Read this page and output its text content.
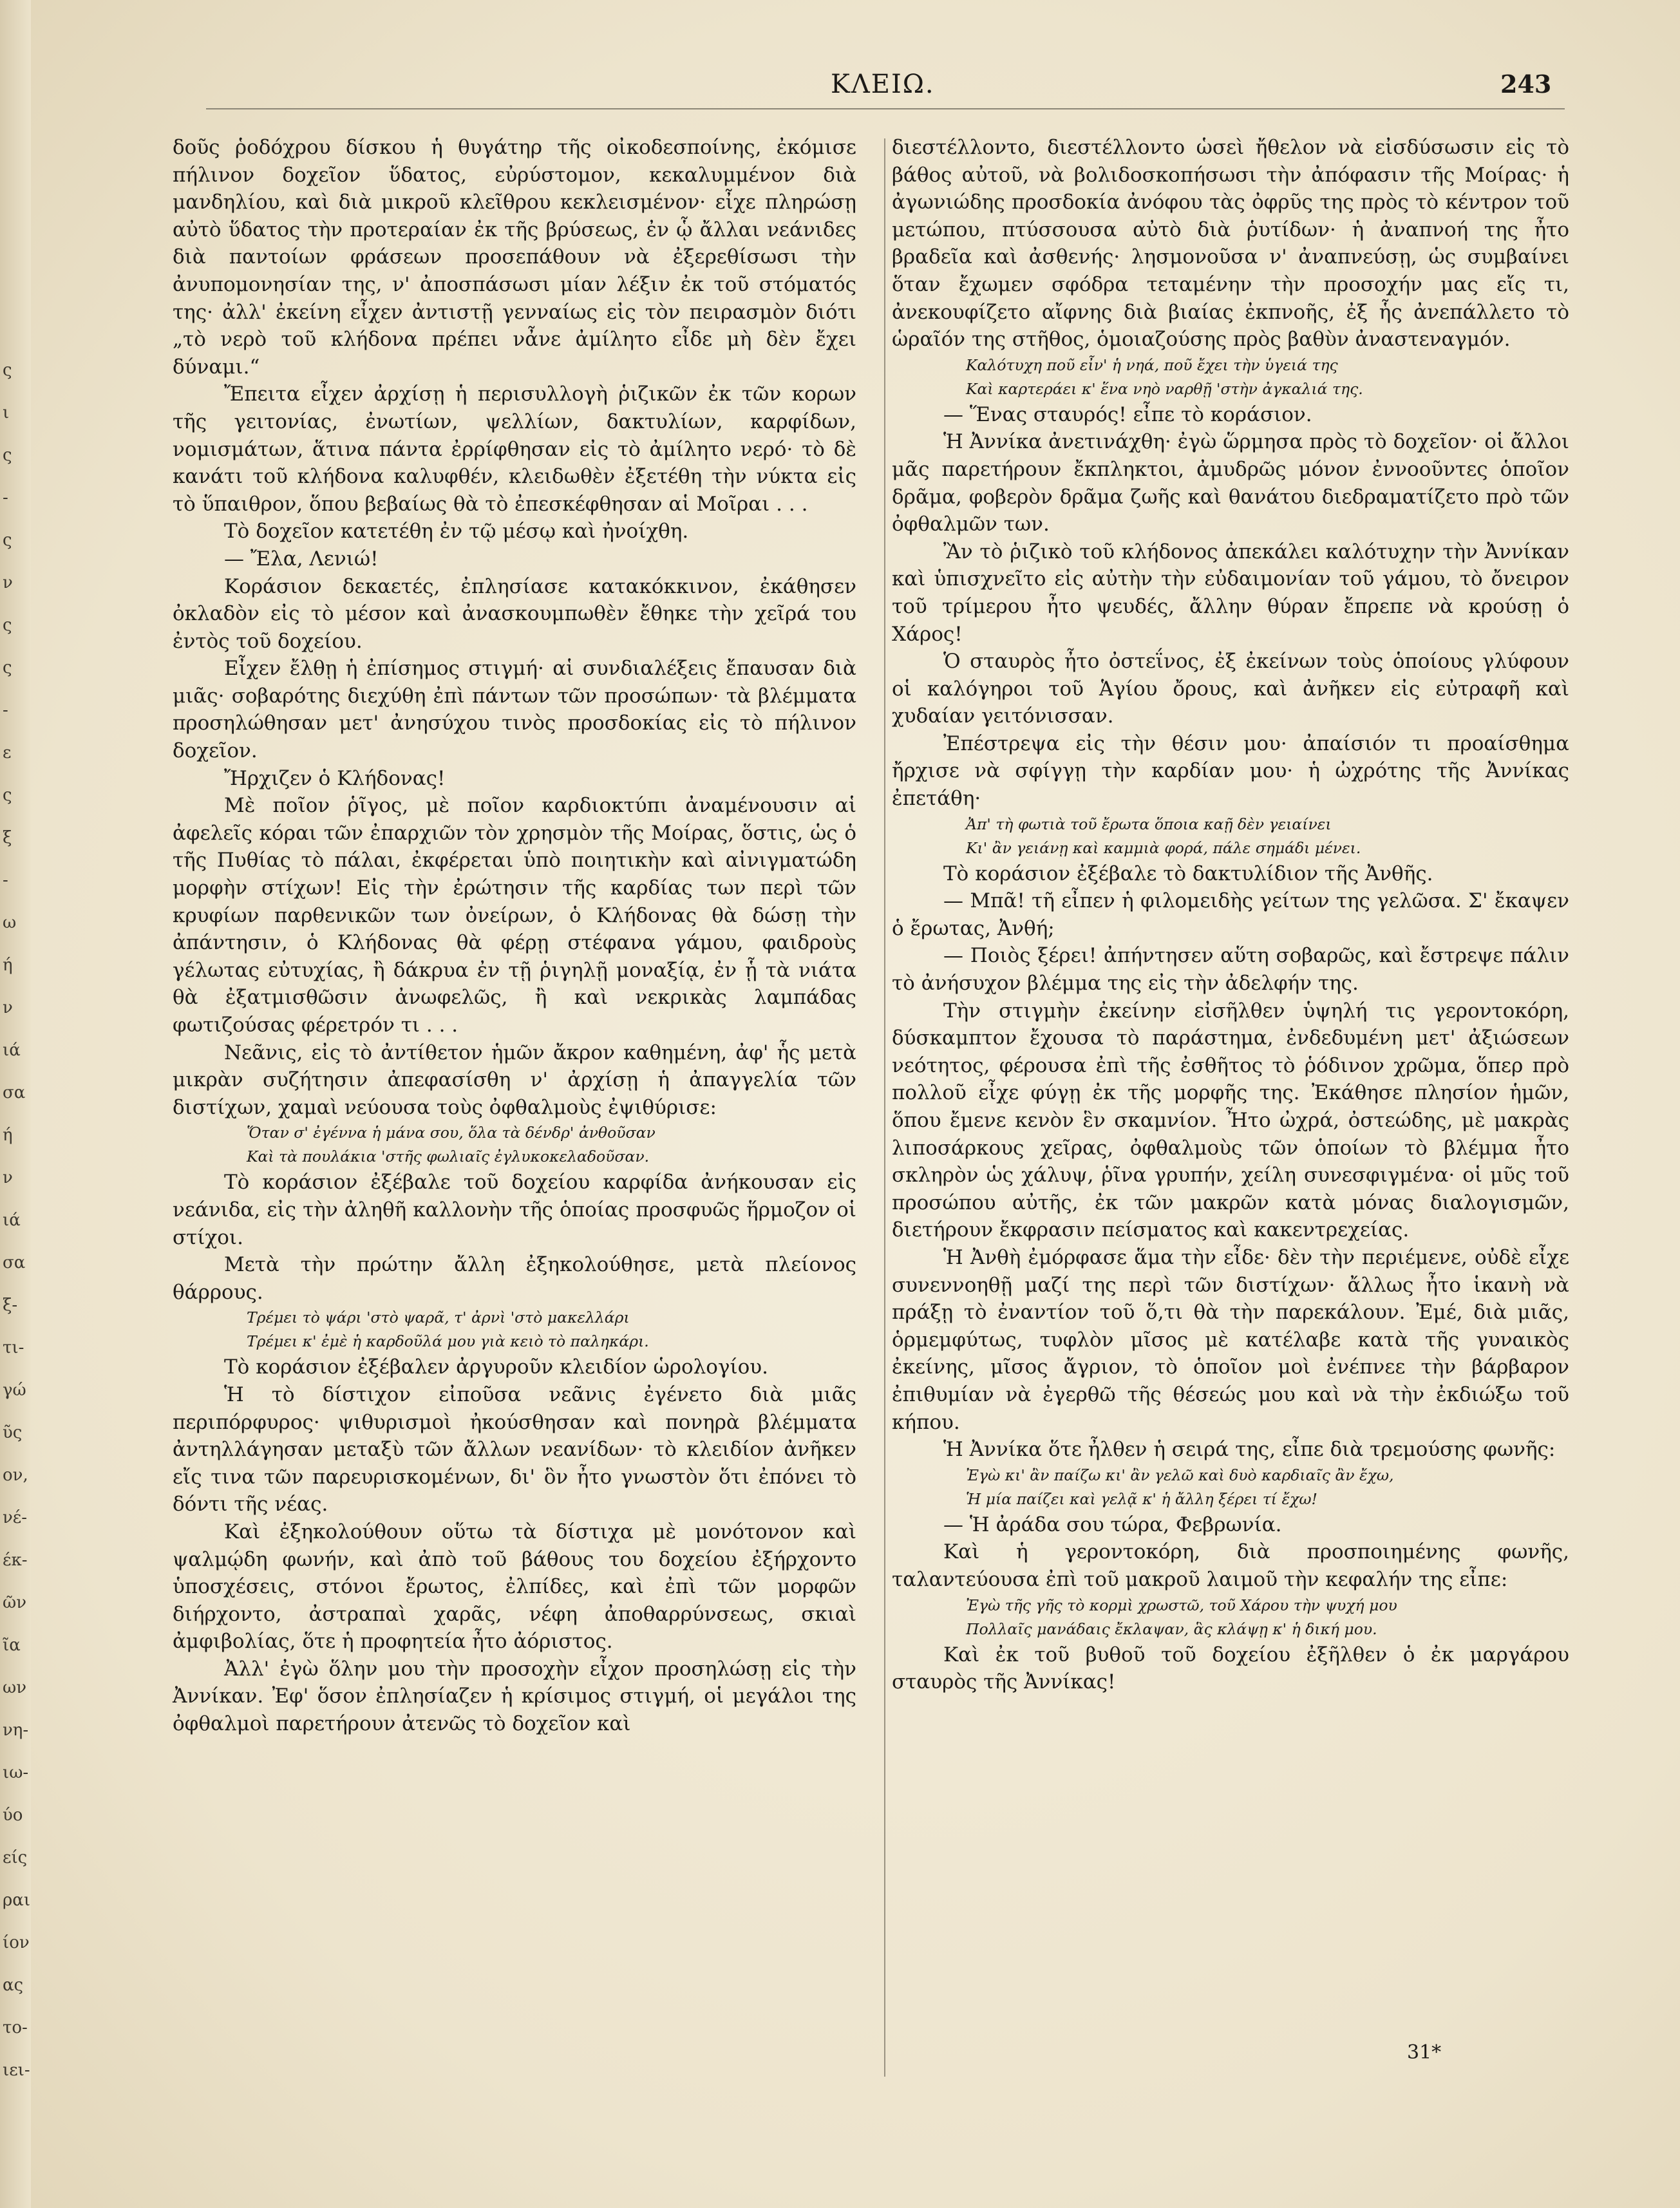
ς
ι
ς
-
ς
ν
ς
ς
-
ε
ς
ξ
-
ω
ή
ν
ιά
σα
ή
ν
ιά
σα
ξ-
τι-
γώ
ῦς
ον,
νέ-
έκ-
ῶν
ῖα
ων
νη-
ιω-
ύο
είς
ραι
ίον
ας
το-
ιει-
ΚΛΕΙΩ.	243

δοῦς ῥοδόχρου δίσκου ἡ θυγάτηρ τῆς οἰκοδεσποίνης, ἐκόμισε πήλινον δοχεῖον ὕδατος, εὐρύστομον, κεκαλυμμένον διὰ μανδηλίου, καὶ διὰ μικροῦ κλεῖθρου κεκλεισμένον· εἶχε πληρώσῃ αὐτὸ ὕδατος τὴν προτεραίαν ἐκ τῆς βρύσεως, ἐν ᾧ ἄλλαι νεάνιδες διὰ παντοίων φράσεων προσεπάθουν νὰ ἐξερεθίσωσι τὴν ἀνυπομονησίαν της, ν' ἀποσπάσωσι μίαν λέξιν ἐκ τοῦ στόματός της· ἀλλ' ἐκείνη εἶχεν ἀντιστῇ γενναίως εἰς τὸν πειρασμὸν διότι „τὸ νερὸ τοῦ κλήδονα πρέπει νἆνε ἀμίλητο εἶδε μὴ δὲν ἔχει δύναμι.“

Ἔπειτα εἶχεν ἀρχίσῃ ἡ περισυλλογὴ ῥιζικῶν ἐκ τῶν κορων τῆς γειτονίας, ἐνωτίων, ψελλίων, δακτυλίων, καρφίδων, νομισμάτων, ἅτινα πάντα ἐρρίφθησαν εἰς τὸ ἀμίλητο νερό· τὸ δὲ κανάτι τοῦ κλήδονα καλυφθέν, κλειδωθὲν ἐξετέθη τὴν νύκτα εἰς τὸ ὕπαιθρον, ὅπου βεβαίως θὰ τὸ ἐπεσκέφθησαν αἱ Μοῖραι . . .

Τὸ δοχεῖον κατετέθη ἐν τῷ μέσῳ καὶ ἠνοίχθη.

— Ἔλα, Λενιώ!

Κοράσιον δεκαετές, ἐπλησίασε κατακόκκινον, ἐκάθησεν ὀκλαδὸν εἰς τὸ μέσον καὶ ἀνασκουμπωθὲν ἔθηκε τὴν χεῖρά του ἐντὸς τοῦ δοχείου.

Εἶχεν ἔλθῃ ἡ ἐπίσημος στιγμή· αἱ συνδιαλέξεις ἔπαυσαν διὰ μιᾶς· σοβαρότης διεχύθη ἐπὶ πάντων τῶν προσώπων· τὰ βλέμματα προσηλώθησαν μετ' ἀνησύχου τινὸς προσδοκίας εἰς τὸ πήλινον δοχεῖον.

Ἤρχιζεν ὁ Κλήδονας!

Μὲ ποῖον ῥῖγος, μὲ ποῖον καρδιοκτύπι ἀναμένουσιν αἱ ἀφελεῖς κόραι τῶν ἐπαρχιῶν τὸν χρησμὸν τῆς Μοίρας, ὅστις, ὡς ὁ τῆς Πυθίας τὸ πάλαι, ἐκφέρεται ὑπὸ ποιητικὴν καὶ αἰνιγματώδη μορφὴν στίχων! Εἰς τὴν ἐρώτησιν τῆς καρδίας των περὶ τῶν κρυφίων παρθενικῶν των ὀνείρων, ὁ Κλήδονας θὰ δώσῃ τὴν ἀπάντησιν, ὁ Κλήδονας θὰ φέρῃ στέφανα γάμου, φαιδροὺς γέλωτας εὐτυχίας, ἢ δάκρυα ἐν τῇ ῥιγηλῇ μοναξίᾳ, ἐν ᾗ τὰ νιάτα θὰ ἐξατμισθῶσιν ἀνωφελῶς, ἢ καὶ νεκρικὰς λαμπάδας φωτιζούσας φέρετρόν τι . . .

Νεᾶνις, εἰς τὸ ἀντίθετον ἡμῶν ἄκρον καθημένη, ἀφ' ἧς μετὰ μικρὰν συζήτησιν ἀπεφασίσθη ν' ἀρχίσῃ ἡ ἀπαγγελία τῶν διστίχων, χαμαὶ νεύουσα τοὺς ὀφθαλμοὺς ἐψιθύρισε:

Ὅταν σ' ἐγέννα ἡ μάνα σου, ὅλα τὰ δένδρ' ἀνθοῦσαν
Καὶ τὰ πουλάκια 'στῆς φωλιαῖς ἐγλυκοκελαδοῦσαν.

Τὸ κοράσιον ἐξέβαλε τοῦ δοχείου καρφίδα ἀνήκουσαν εἰς νεάνιδα, εἰς τὴν ἀληθῆ καλλονὴν τῆς ὁποίας προσφυῶς ἥρμοζον οἱ στίχοι.

Μετὰ τὴν πρώτην ἄλλη ἐξηκολούθησε, μετὰ πλείονος θάρρους.

Τρέμει τὸ ψάρι 'στὸ ψαρᾶ, τ' ἀρνὶ 'στὸ μακελλάρι
Τρέμει κ' ἐμὲ ἡ καρδοῦλά μου γιὰ κειὸ τὸ παληκάρι.

Τὸ κοράσιον ἐξέβαλεν ἀργυροῦν κλειδίον ὡρολογίου.

Ἡ τὸ δίστιχον εἰποῦσα νεᾶνις ἐγένετο διὰ μιᾶς περιπόρφυρος· ψιθυρισμοὶ ἠκούσθησαν καὶ πονηρὰ βλέμματα ἀντηλλάγησαν μεταξὺ τῶν ἄλλων νεανίδων· τὸ κλειδίον ἀνῆκεν εἴς τινα τῶν παρευρισκομένων, δι' ὃν ἦτο γνωστὸν ὅτι ἐπόνει τὸ δόντι τῆς νέας.

Καὶ ἐξηκολούθουν οὕτω τὰ δίστιχα μὲ μονότονον καὶ ψαλμῴδη φωνήν, καὶ ἀπὸ τοῦ βάθους του δοχείου ἐξήρχοντο ὑποσχέσεις, στόνοι ἔρωτος, ἐλπίδες, καὶ ἐπὶ τῶν μορφῶν διήρχοντο, ἀστραπαὶ χαρᾶς, νέφη ἀποθαρρύνσεως, σκιαὶ ἀμφιβολίας, ὅτε ἡ προφητεία ἦτο ἀόριστος.

Ἀλλ' ἐγὼ ὅλην μου τὴν προσοχὴν εἶχον προσηλώσῃ εἰς τὴν Ἀννίκαν. Ἐφ' ὅσον ἐπλησίαζεν ἡ κρίσιμος στιγμή, οἱ μεγάλοι της ὀφθαλμοὶ παρετήρουν ἀτενῶς τὸ δοχεῖον καὶ

διεστέλλοντο, διεστέλλοντο ὡσεὶ ἤθελον νὰ εἰσδύσωσιν εἰς τὸ βάθος αὐτοῦ, νὰ βολιδοσκοπήσωσι τὴν ἀπόφασιν τῆς Μοίρας· ἡ ἀγωνιώδης προσδοκία ἀνόφου τὰς ὀφρῦς της πρὸς τὸ κέντρον τοῦ μετώπου, πτύσσουσα αὐτὸ διὰ ῥυτίδων· ἡ ἀναπνοή της ἦτο βραδεῖα καὶ ἀσθενής· λησμονοῦσα ν' ἀναπνεύσῃ, ὡς συμβαίνει ὅταν ἔχωμεν σφόδρα τεταμένην τὴν προσοχήν μας εἴς τι, ἀνεκουφίζετο αἴφνης διὰ βιαίας ἐκπνοῆς, ἐξ ἧς ἀνεπάλλετο τὸ ὡραῖόν της στῆθος, ὁμοιαζούσης πρὸς βαθὺν ἀναστεναγμόν.

Καλότυχη ποῦ εἶν' ἡ νηά, ποῦ ἔχει τὴν ὑγειά της
Καὶ καρτεράει κ' ἕνα νηὸ ναρθῇ 'στὴν ἀγκαλιά της.

— Ἕνας σταυρός! εἶπε τὸ κοράσιον.

Ἡ Ἀννίκα ἀνετινάχθη· ἐγὼ ὥρμησα πρὸς τὸ δοχεῖον· οἱ ἄλλοι μᾶς παρετήρουν ἔκπληκτοι, ἀμυδρῶς μόνον ἐννοοῦντες ὁποῖον δρᾶμα, φοβερὸν δρᾶμα ζωῆς καὶ θανάτου διεδραματίζετο πρὸ τῶν ὀφθαλμῶν των.

Ἂν τὸ ῥιζικὸ τοῦ κλήδονος ἀπεκάλει καλότυχην τὴν Ἀννίκαν καὶ ὑπισχνεῖτο εἰς αὐτὴν τὴν εὐδαιμονίαν τοῦ γάμου, τὸ ὄνειρον τοῦ τρίμερου ἦτο ψευδές, ἄλλην θύραν ἔπρεπε νὰ κρούσῃ ὁ Χάρος!

Ὁ σταυρὸς ἦτο ὀστεΐνος, ἐξ ἐκείνων τοὺς ὁποίους γλύφουν οἱ καλόγηροι τοῦ Ἁγίου ὄρους, καὶ ἀνῆκεν εἰς εὐτραφῆ καὶ χυδαίαν γειτόνισσαν.

Ἐπέστρεψα εἰς τὴν θέσιν μου· ἀπαίσιόν τι προαίσθημα ἤρχισε νὰ σφίγγῃ τὴν καρδίαν μου· ἡ ὠχρότης τῆς Ἀννίκας ἐπετάθη·

Ἀπ' τὴ φωτιὰ τοῦ ἔρωτα ὅποια καῇ δὲν γειαίνει
Κι' ἂν γειάνῃ καὶ καμμιὰ φορά, πάλε σημάδι μένει.

Τὸ κοράσιον ἐξέβαλε τὸ δακτυλίδιον τῆς Ἀνθῆς.

— Μπᾶ! τῆ εἶπεν ἡ φιλομειδὴς γείτων της γελῶσα. Σ' ἔκαψεν ὁ ἔρωτας, Ἀνθή;

— Ποιὸς ξέρει! ἀπήντησεν αὕτη σοβαρῶς, καὶ ἔστρεψε πάλιν τὸ ἀνήσυχον βλέμμα της εἰς τὴν ἀδελφήν της.

Τὴν στιγμὴν ἐκείνην εἰσῆλθεν ὑψηλή τις γεροντοκόρη, δύσκαμπτον ἔχουσα τὸ παράστημα, ἐνδεδυμένη μετ' ἀξιώσεων νεότητος, φέρουσα ἐπὶ τῆς ἐσθῆτος τὸ ῥόδινον χρῶμα, ὅπερ πρὸ πολλοῦ εἶχε φύγῃ ἐκ τῆς μορφῆς της. Ἐκάθησε πλησίον ἡμῶν, ὅπου ἔμενε κενὸν ἓν σκαμνίον. Ἦτο ὠχρά, ὀστεώδης, μὲ μακρὰς λιποσάρκους χεῖρας, ὀφθαλμοὺς τῶν ὁποίων τὸ βλέμμα ἦτο σκληρὸν ὡς χάλυψ, ῥῖνα γρυπήν, χείλη συνεσφιγμένα· οἱ μῦς τοῦ προσώπου αὐτῆς, ἐκ τῶν μακρῶν κατὰ μόνας διαλογισμῶν, διετήρουν ἔκφρασιν πείσματος καὶ κακεντρεχείας.

Ἡ Ἀνθὴ ἐμόρφασε ἅμα τὴν εἶδε· δὲν τὴν περιέμενε, οὐδὲ εἶχε συνεννοηθῇ μαζί της περὶ τῶν διστίχων· ἄλλως ἦτο ἱκανὴ νὰ πράξῃ τὸ ἐναντίον τοῦ ὅ,τι θὰ τὴν παρεκάλουν. Ἐμέ, διὰ μιᾶς, ὁρμεμφύτως, τυφλὸν μῖσος μὲ κατέλαβε κατὰ τῆς γυναικὸς ἐκείνης, μῖσος ἄγριον, τὸ ὁποῖον μοὶ ἐνέπνεε τὴν βάρβαρον ἐπιθυμίαν νὰ ἐγερθῶ τῆς θέσεώς μου καὶ νὰ τὴν ἐκδιώξω τοῦ κήπου.

Ἡ Ἀννίκα ὅτε ἦλθεν ἡ σειρά της, εἶπε διὰ τρεμούσης φωνῆς:

Ἐγὼ κι' ἂν παίζω κι' ἂν γελῶ καὶ δυὸ καρδιαῖς ἂν ἔχω,
Ἡ μία παίζει καὶ γελᾷ κ' ἡ ἄλλη ξέρει τί ἔχω!

— Ἡ ἀράδα σου τώρα, Φεβρωνία.

Καὶ ἡ γεροντοκόρη, διὰ προσποιημένης φωνῆς, ταλαντεύουσα ἐπὶ τοῦ μακροῦ λαιμοῦ τὴν κεφαλήν της εἶπε:

Ἐγὼ τῆς γῆς τὸ κορμὶ χρωστῶ, τοῦ Χάρου τὴν ψυχή μου
Πολλαῖς μανάδαις ἔκλαψαν, ἃς κλάψῃ κ' ἡ δική μου.

Καὶ ἐκ τοῦ βυθοῦ τοῦ δοχείου ἐξῆλθεν ὁ ἐκ μαργάρου σταυρὸς τῆς Ἀννίκας!

31*
